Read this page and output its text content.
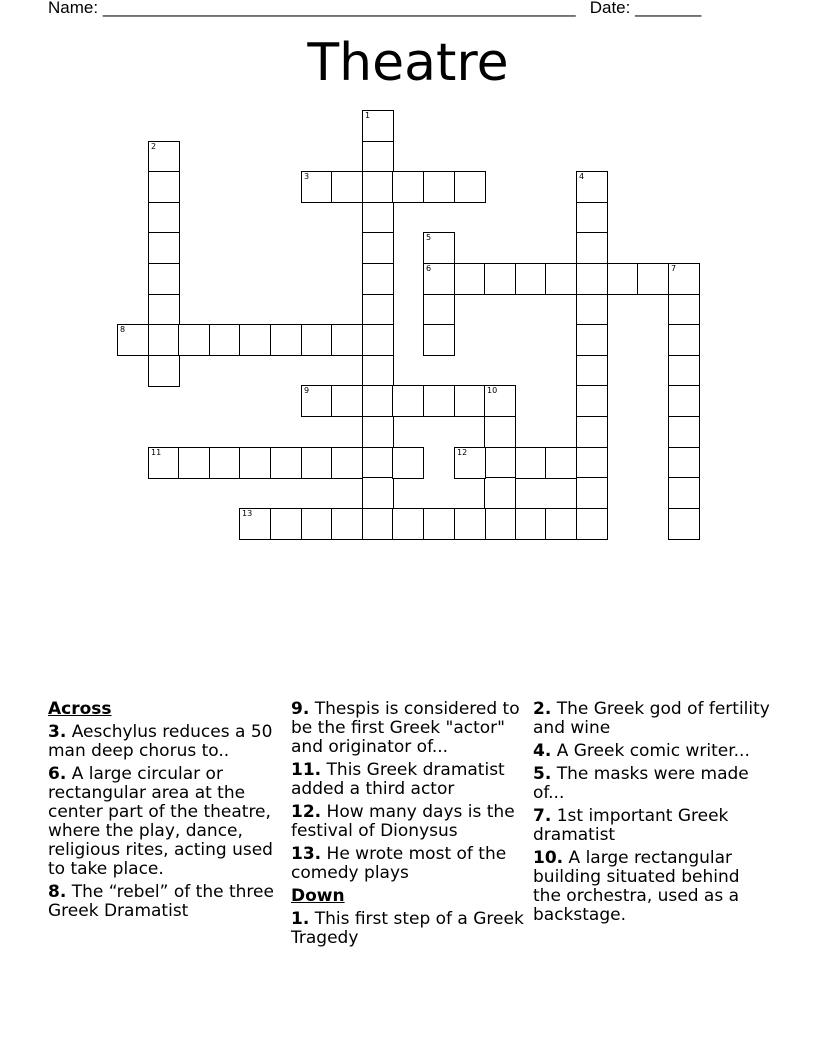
Name: __________________________________________________ Date: _______
Theatre
1
2
3	4
5
6	7
8
9	10
11	12
13
Across
3. Aeschylus reduces a 50 man deep chorus to..
6. A large circular or rectangular area at the center part of the theatre, where the play, dance, religious rites, acting used to take place.
8. The “rebel” of the three Greek Dramatist
9. Thespis is considered to be the first Greek "actor" and originator of...
11. This Greek dramatist added a third actor
12. How many days is the festival of Dionysus
13. He wrote most of the comedy plays
Down
1. This first step of a Greek Tragedy
2. The Greek god of fertility and wine
4. A Greek comic writer...
5. The masks were made of...
7. 1st important Greek dramatist
10. A large rectangular building situated behind the orchestra, used as a backstage.
